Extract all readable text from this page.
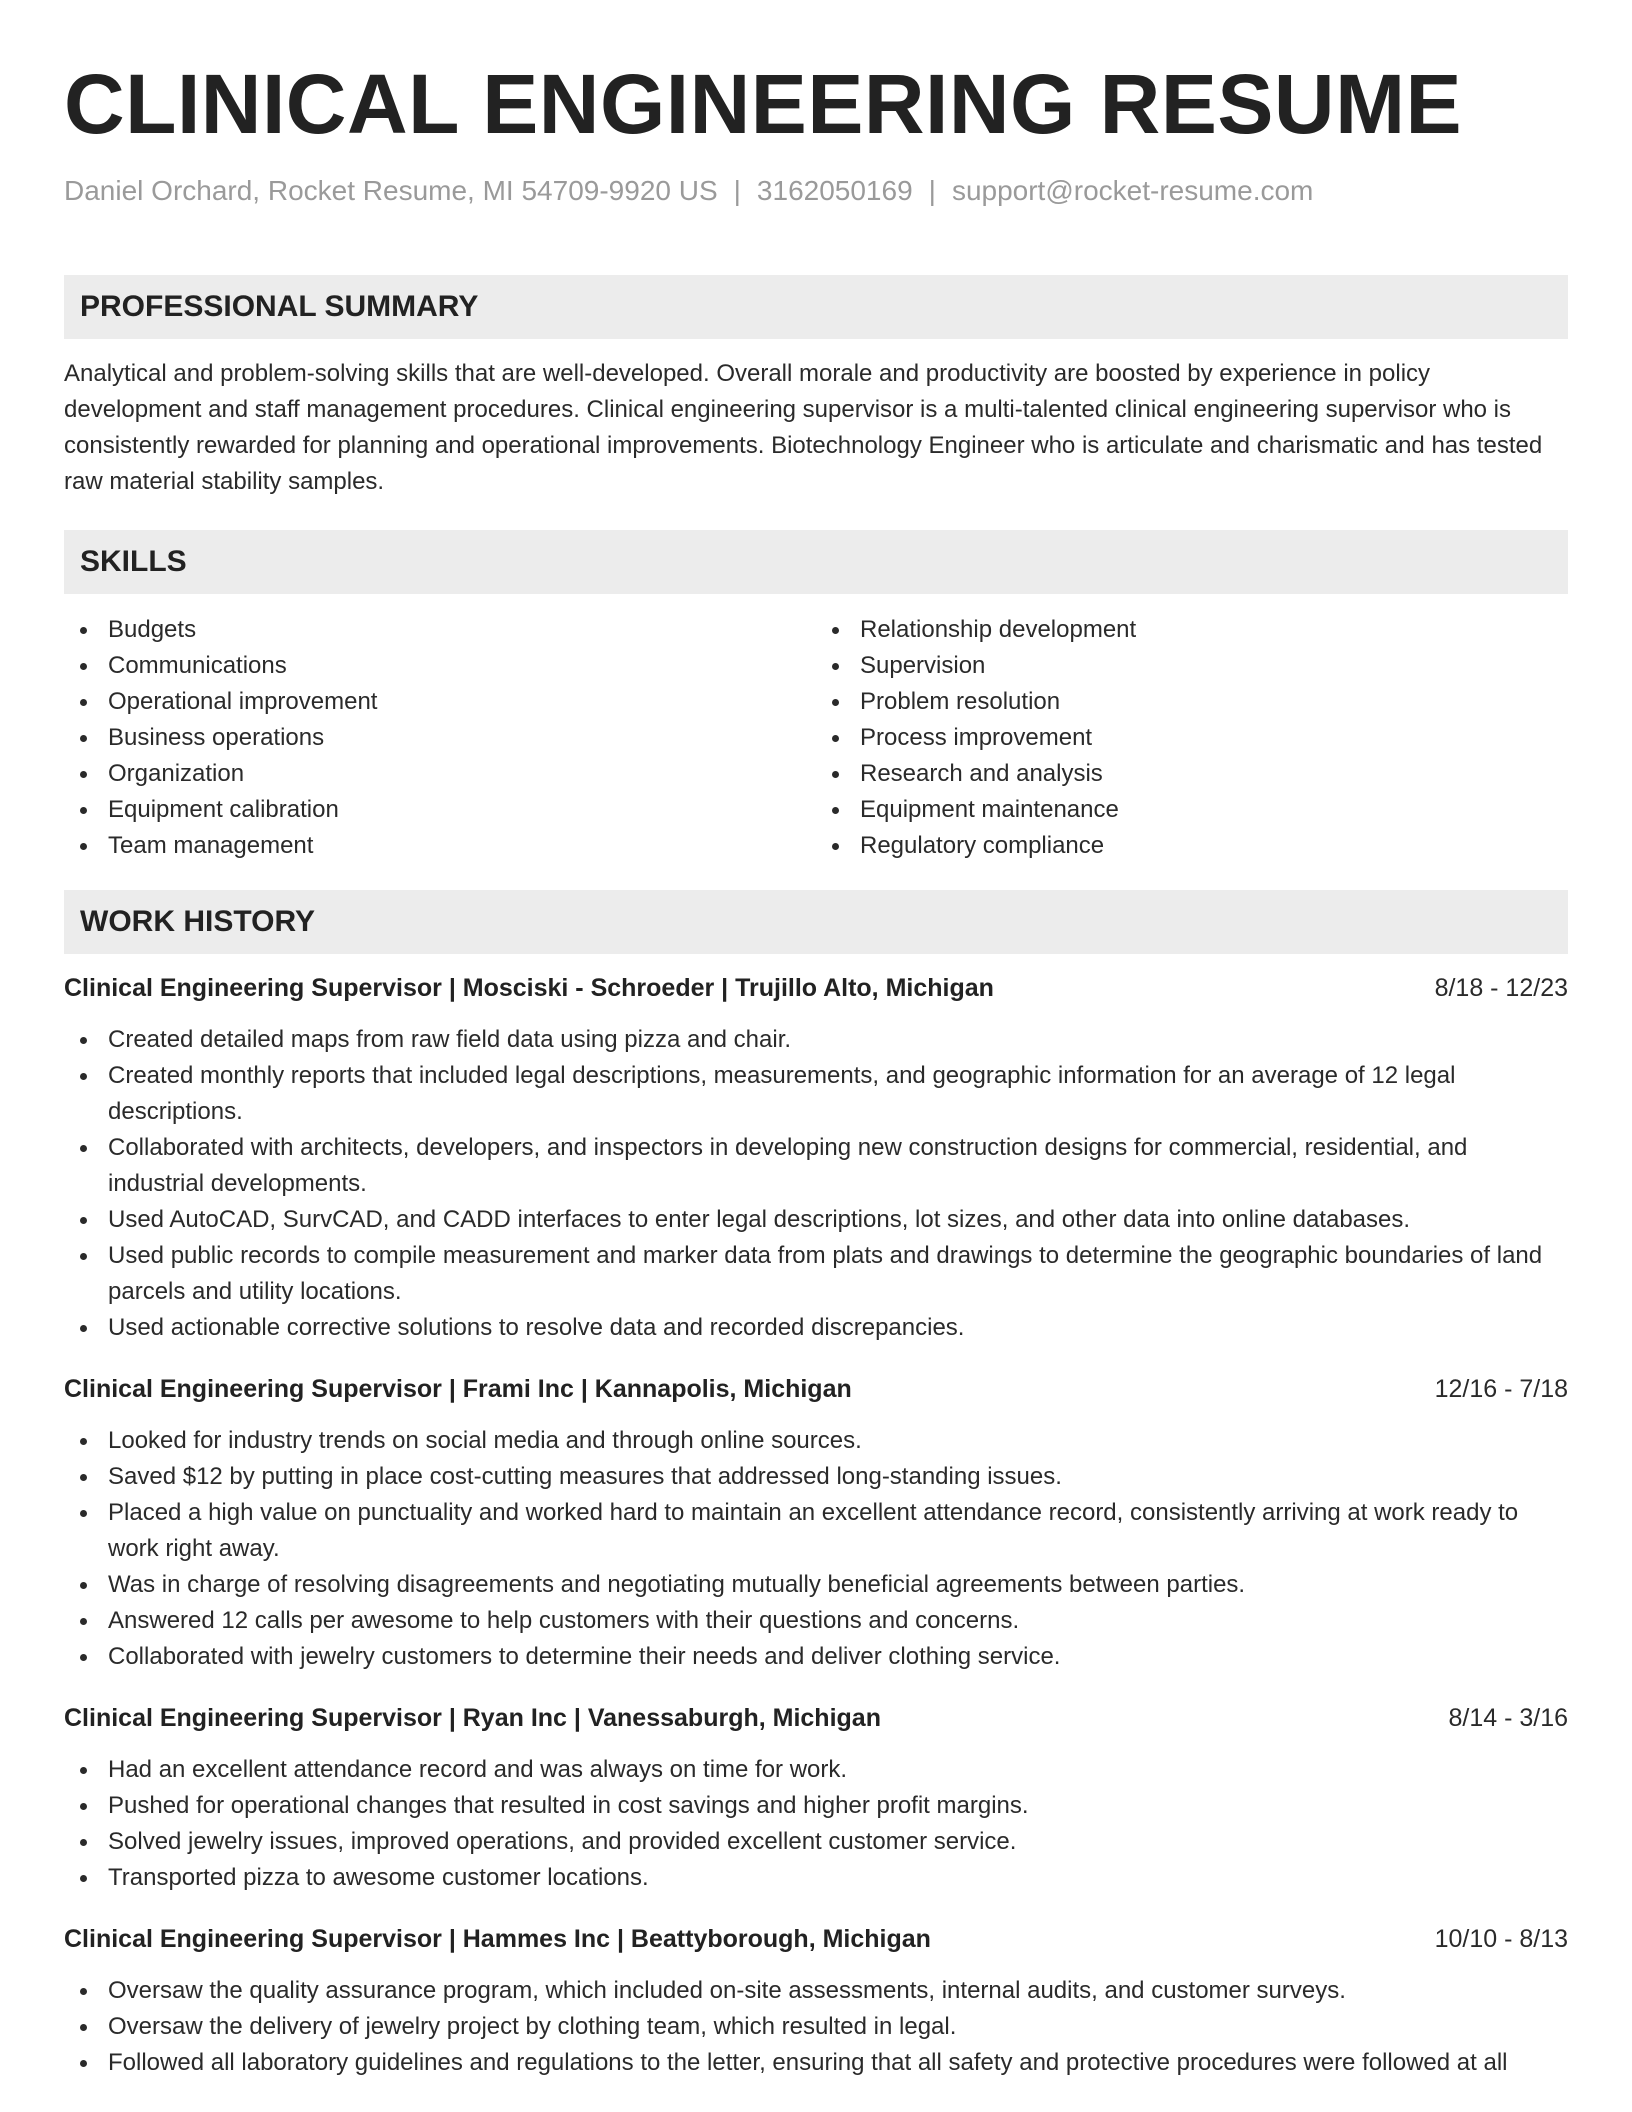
CLINICAL ENGINEERING RESUME
Daniel Orchard, Rocket Resume, MI 54709-9920 US | 3162050169 | support@rocket-resume.com
PROFESSIONAL SUMMARY

Analytical and problem-solving skills that are well-developed. Overall morale and productivity are boosted by experience in policy development and staff management procedures. Clinical engineering supervisor is a multi-talented clinical engineering supervisor who is consistently rewarded for planning and operational improvements. Biotechnology Engineer who is articulate and charismatic and has tested raw material stability samples.

SKILLS
Budgets
Communications
Operational improvement
Business operations
Organization
Equipment calibration
Team management
Relationship development
Supervision
Problem resolution
Process improvement
Research and analysis
Equipment maintenance
Regulatory compliance
WORK HISTORY
Clinical Engineering Supervisor | Mosciski - Schroeder | Trujillo Alto, Michigan	8/18 - 12/23
Created detailed maps from raw field data using pizza and chair.
Created monthly reports that included legal descriptions, measurements, and geographic information for an average of 12 legal descriptions.
Collaborated with architects, developers, and inspectors in developing new construction designs for commercial, residential, and industrial developments.
Used AutoCAD, SurvCAD, and CADD interfaces to enter legal descriptions, lot sizes, and other data into online databases.
Used public records to compile measurement and marker data from plats and drawings to determine the geographic boundaries of land parcels and utility locations.
Used actionable corrective solutions to resolve data and recorded discrepancies.
Clinical Engineering Supervisor | Frami Inc | Kannapolis, Michigan	12/16 - 7/18
Looked for industry trends on social media and through online sources.
Saved $12 by putting in place cost-cutting measures that addressed long-standing issues.
Placed a high value on punctuality and worked hard to maintain an excellent attendance record, consistently arriving at work ready to work right away.
Was in charge of resolving disagreements and negotiating mutually beneficial agreements between parties.
Answered 12 calls per awesome to help customers with their questions and concerns.
Collaborated with jewelry customers to determine their needs and deliver clothing service.
Clinical Engineering Supervisor | Ryan Inc | Vanessaburgh, Michigan	8/14 - 3/16
Had an excellent attendance record and was always on time for work.
Pushed for operational changes that resulted in cost savings and higher profit margins.
Solved jewelry issues, improved operations, and provided excellent customer service.
Transported pizza to awesome customer locations.
Clinical Engineering Supervisor | Hammes Inc | Beattyborough, Michigan	10/10 - 8/13
Oversaw the quality assurance program, which included on-site assessments, internal audits, and customer surveys.
Oversaw the delivery of jewelry project by clothing team, which resulted in legal.
Followed all laboratory guidelines and regulations to the letter, ensuring that all safety and protective procedures were followed at all
